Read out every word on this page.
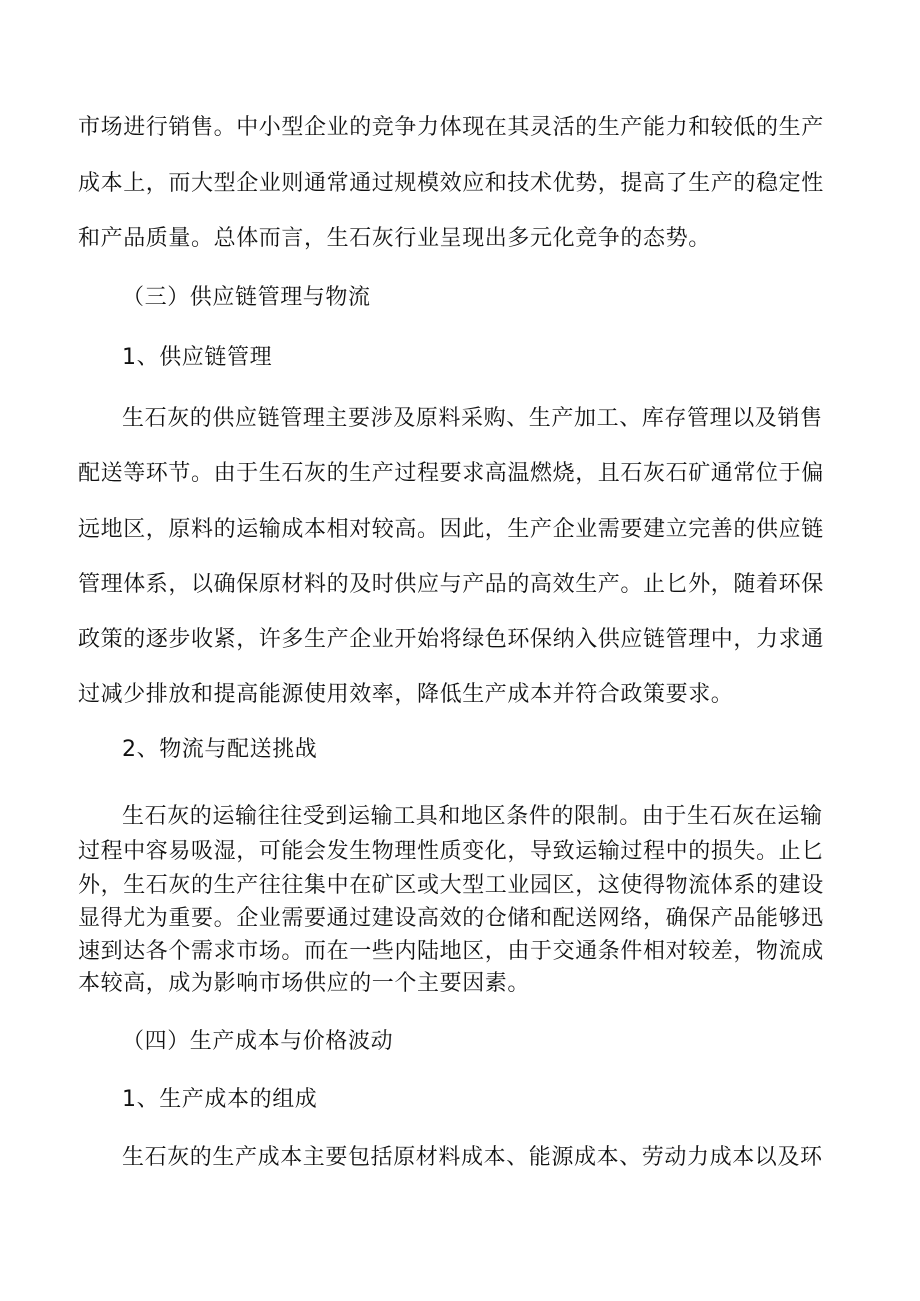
市场进行销售。中小型企业的竞争力体现在其灵活的生产能力和较低的生产
成本上，而大型企业则通常通过规模效应和技术优势，提高了生产的稳定性
和产品质量。总体而言，生石灰行业呈现出多元化竞争的态势。
（三）供应链管理与物流
1、供应链管理
生石灰的供应链管理主要涉及原料采购、生产加工、库存管理以及销售
配送等环节。由于生石灰的生产过程要求高温燃烧，且石灰石矿通常位于偏
远地区，原料的运输成本相对较高。因此，生产企业需要建立完善的供应链
管理体系，以确保原材料的及时供应与产品的高效生产。止匕外，随着环保
政策的逐步收紧，许多生产企业开始将绿色环保纳入供应链管理中，力求通
过减少排放和提高能源使用效率，降低生产成本并符合政策要求。
2、物流与配送挑战
生石灰的运输往往受到运输工具和地区条件的限制。由于生石灰在运输
过程中容易吸湿，可能会发生物理性质变化，导致运输过程中的损失。止匕
外，生石灰的生产往往集中在矿区或大型工业园区，这使得物流体系的建设
显得尤为重要。企业需要通过建设高效的仓储和配送网络，确保产品能够迅
速到达各个需求市场。而在一些内陆地区，由于交通条件相对较差，物流成
本较高，成为影响市场供应的一个主要因素。
（四）生产成本与价格波动
1、生产成本的组成
生石灰的生产成本主要包括原材料成本、能源成本、劳动力成本以及环
